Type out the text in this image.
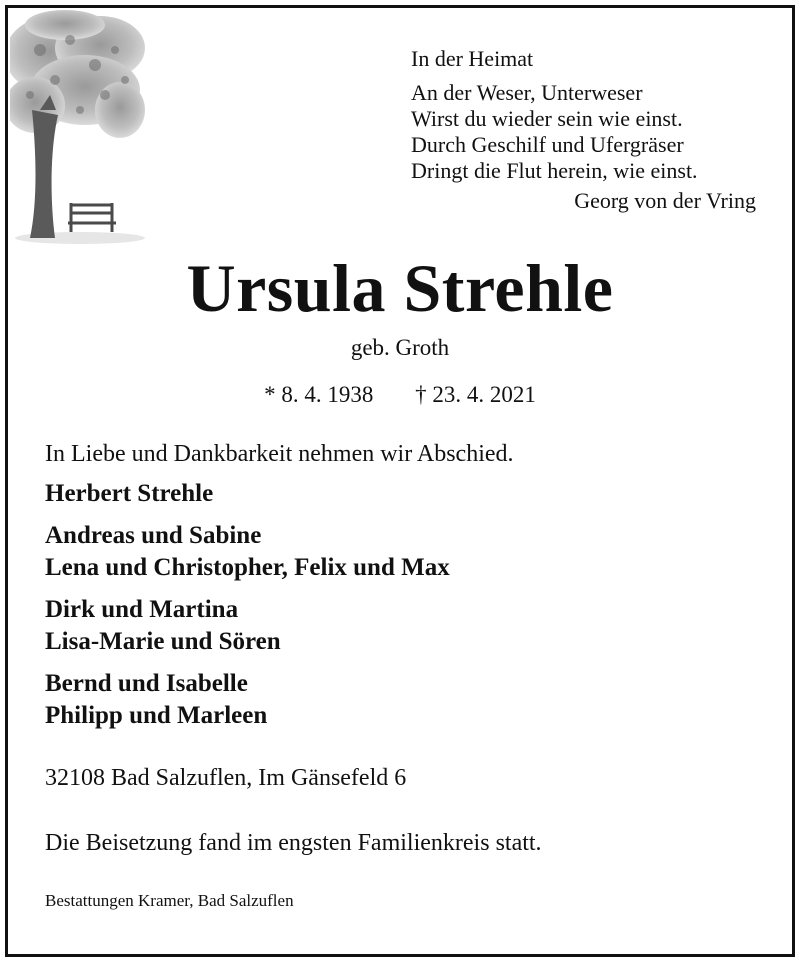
In der Heimat
An der Weser, Unterweser
Wirst du wieder sein wie einst.
Durch Geschilf und Ufergräser
Dringt die Flut herein, wie einst.
Georg von der Vring
Ursula Strehle
geb. Groth
* 8. 4. 1938 † 23. 4. 2021
In Liebe und Dankbarkeit nehmen wir Abschied.
Herbert Strehle
Andreas und Sabine
Lena und Christopher, Felix und Max
Dirk und Martina
Lisa-Marie und Sören
Bernd und Isabelle
Philipp und Marleen
32108 Bad Salzuflen, Im Gänsefeld 6
Die Beisetzung fand im engsten Familienkreis statt.
Bestattungen Kramer, Bad Salzuflen
